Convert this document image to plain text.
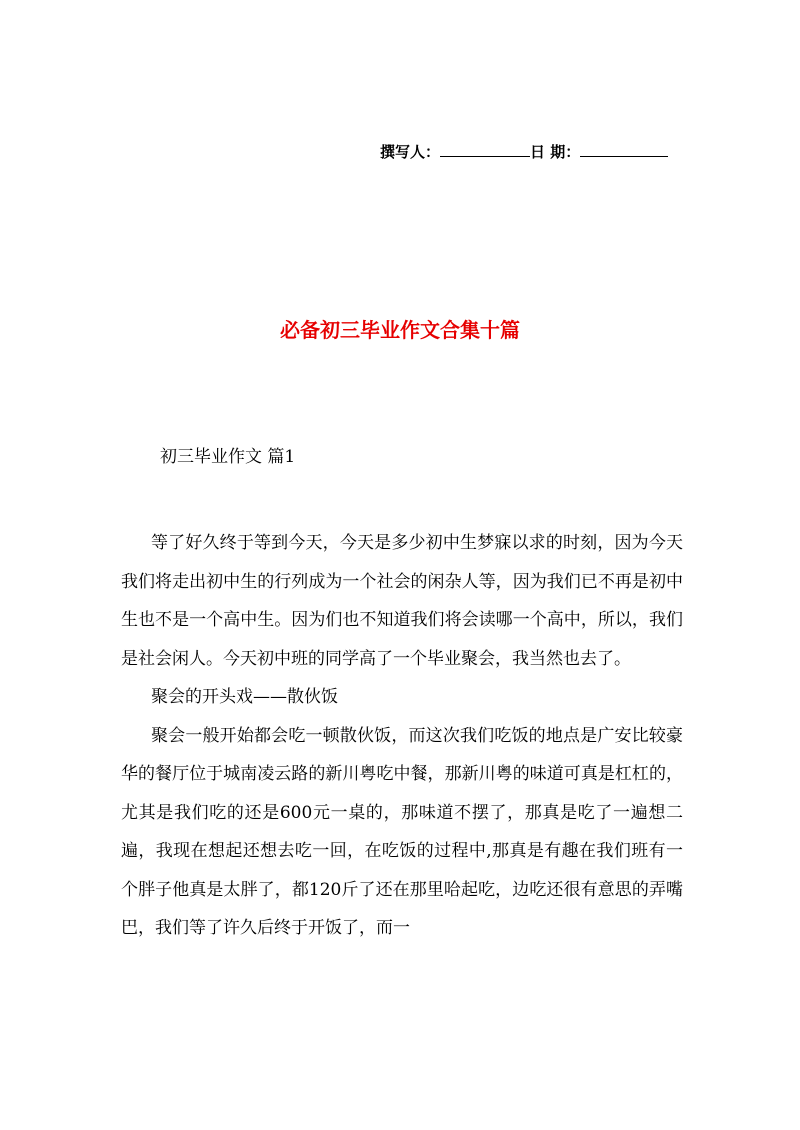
撰写人：	日 期：
必备初三毕业作文合集十篇
初三毕业作文 篇1

等了好久终于等到今天，今天是多少初中生梦寐以求的时刻，因为今天我们将走出初中生的行列成为一个社会的闲杂人等，因为我们已不再是初中生也不是一个高中生。因为们也不知道我们将会读哪一个高中，所以，我们是社会闲人。今天初中班的同学高了一个毕业聚会，我当然也去了。

聚会的开头戏——散伙饭

聚会一般开始都会吃一顿散伙饭，而这次我们吃饭的地点是广安比较豪华的餐厅位于城南凌云路的新川粤吃中餐，那新川粤的味道可真是杠杠的，尤其是我们吃的还是600元一桌的，那味道不摆了，那真是吃了一遍想二遍，我现在想起还想去吃一回，在吃饭的过程中,那真是有趣在我们班有一个胖子他真是太胖了，都120斤了还在那里哈起吃，边吃还很有意思的弄嘴巴，我们等了许久后终于开饭了，而一
